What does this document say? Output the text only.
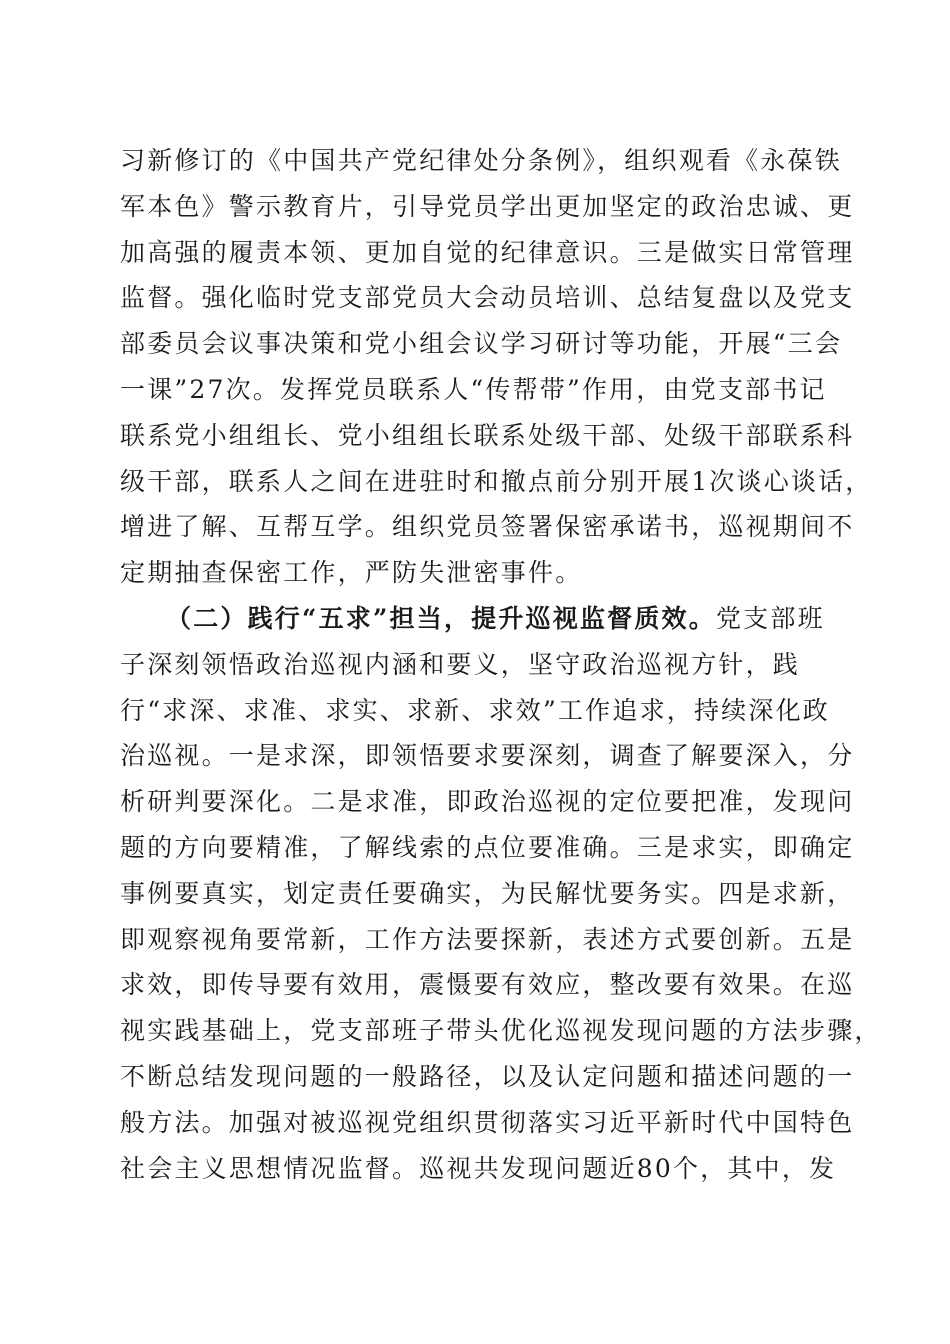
习新修订的《中国共产党纪律处分条例》，组织观看《永葆铁
军本色》警示教育片，引导党员学出更加坚定的政治忠诚、更
加高强的履责本领、更加自觉的纪律意识。三是做实日常管理
监督。强化临时党支部党员大会动员培训、总结复盘以及党支
部委员会议事决策和党小组会议学习研讨等功能，开展“三会
一课”27次。发挥党员联系人“传帮带”作用，由党支部书记
联系党小组组长、党小组组长联系处级干部、处级干部联系科
级干部，联系人之间在进驻时和撤点前分别开展1次谈心谈话，
增进了解、互帮互学。组织党员签署保密承诺书，巡视期间不
定期抽查保密工作，严防失泄密事件。
（二）践行“五求”担当，提升巡视监督质效。党支部班
子深刻领悟政治巡视内涵和要义，坚守政治巡视方针，践
行“求深、求准、求实、求新、求效”工作追求，持续深化政
治巡视。一是求深，即领悟要求要深刻，调查了解要深入，分
析研判要深化。二是求准，即政治巡视的定位要把准，发现问
题的方向要精准，了解线索的点位要准确。三是求实，即确定
事例要真实，划定责任要确实，为民解忧要务实。四是求新，
即观察视角要常新，工作方法要探新，表述方式要创新。五是
求效，即传导要有效用，震慑要有效应，整改要有效果。在巡
视实践基础上，党支部班子带头优化巡视发现问题的方法步骤，
不断总结发现问题的一般路径，以及认定问题和描述问题的一
般方法。加强对被巡视党组织贯彻落实习近平新时代中国特色
社会主义思想情况监督。巡视共发现问题近80个，其中，发
